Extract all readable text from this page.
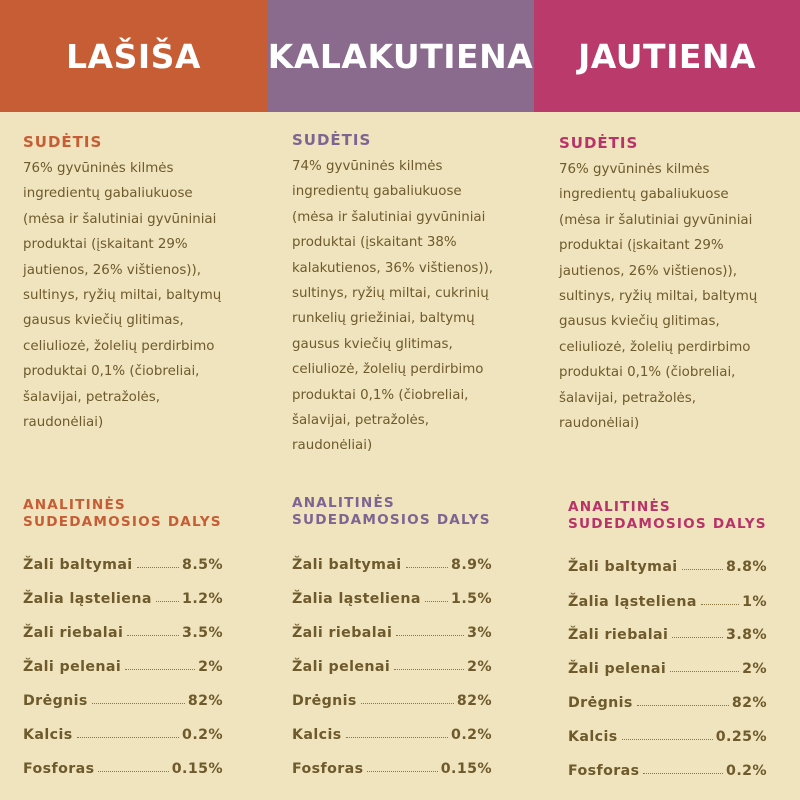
LAŠIŠA
SUDĖTIS

76% gyvūninės kilmės
ingredientų gabaliukuose
(mėsa ir šalutiniai gyvūniniai
produktai (įskaitant 29%
jautienos, 26% vištienos)),
sultinys, ryžių miltai, baltymų
gausus kviečių glitimas,
celiuliozė, žolelių perdirbimo
produktai 0,1% (čiobreliai,
šalavijai, petražolės,
raudonėliai)

ANALITINĖS
SUDEDAMOSIOS DALYS
Žali baltymai	8.5%
Žalia ląsteliena 1.2%
Žali riebalai	3.5%
Žali pelenai	2%
Drėgnis	82%
Kalcis	0.2%
Fosforas	0.15%
KALAKUTIENA
SUDĖTIS

74% gyvūninės kilmės
ingredientų gabaliukuose
(mėsa ir šalutiniai gyvūniniai
produktai (įskaitant 38%
kalakutienos, 36% vištienos)),
sultinys, ryžių miltai, cukrinių
runkelių griežiniai, baltymų
gausus kviečių glitimas,
celiuliozė, žolelių perdirbimo
produktai 0,1% (čiobreliai,
šalavijai, petražolės,
raudonėliai)

ANALITINĖS
SUDEDAMOSIOS DALYS
Žali baltymai	8.9%
Žalia ląsteliena 1.5%
Žali riebalai	3%
Žali pelenai	2%
Drėgnis	82%
Kalcis	0.2%
Fosforas	0.15%
JAUTIENA
SUDĖTIS

76% gyvūninės kilmės
ingredientų gabaliukuose
(mėsa ir šalutiniai gyvūniniai
produktai (įskaitant 29%
jautienos, 26% vištienos)),
sultinys, ryžių miltai, baltymų
gausus kviečių glitimas,
celiuliozė, žolelių perdirbimo
produktai 0,1% (čiobreliai,
šalavijai, petražolės,
raudonėliai)

ANALITINĖS
SUDEDAMOSIOS DALYS
Žali baltymai	8.8%
Žalia ląsteliena	1%
Žali riebalai	3.8%
Žali pelenai	2%
Drėgnis	82%
Kalcis	0.25%
Fosforas	0.2%
